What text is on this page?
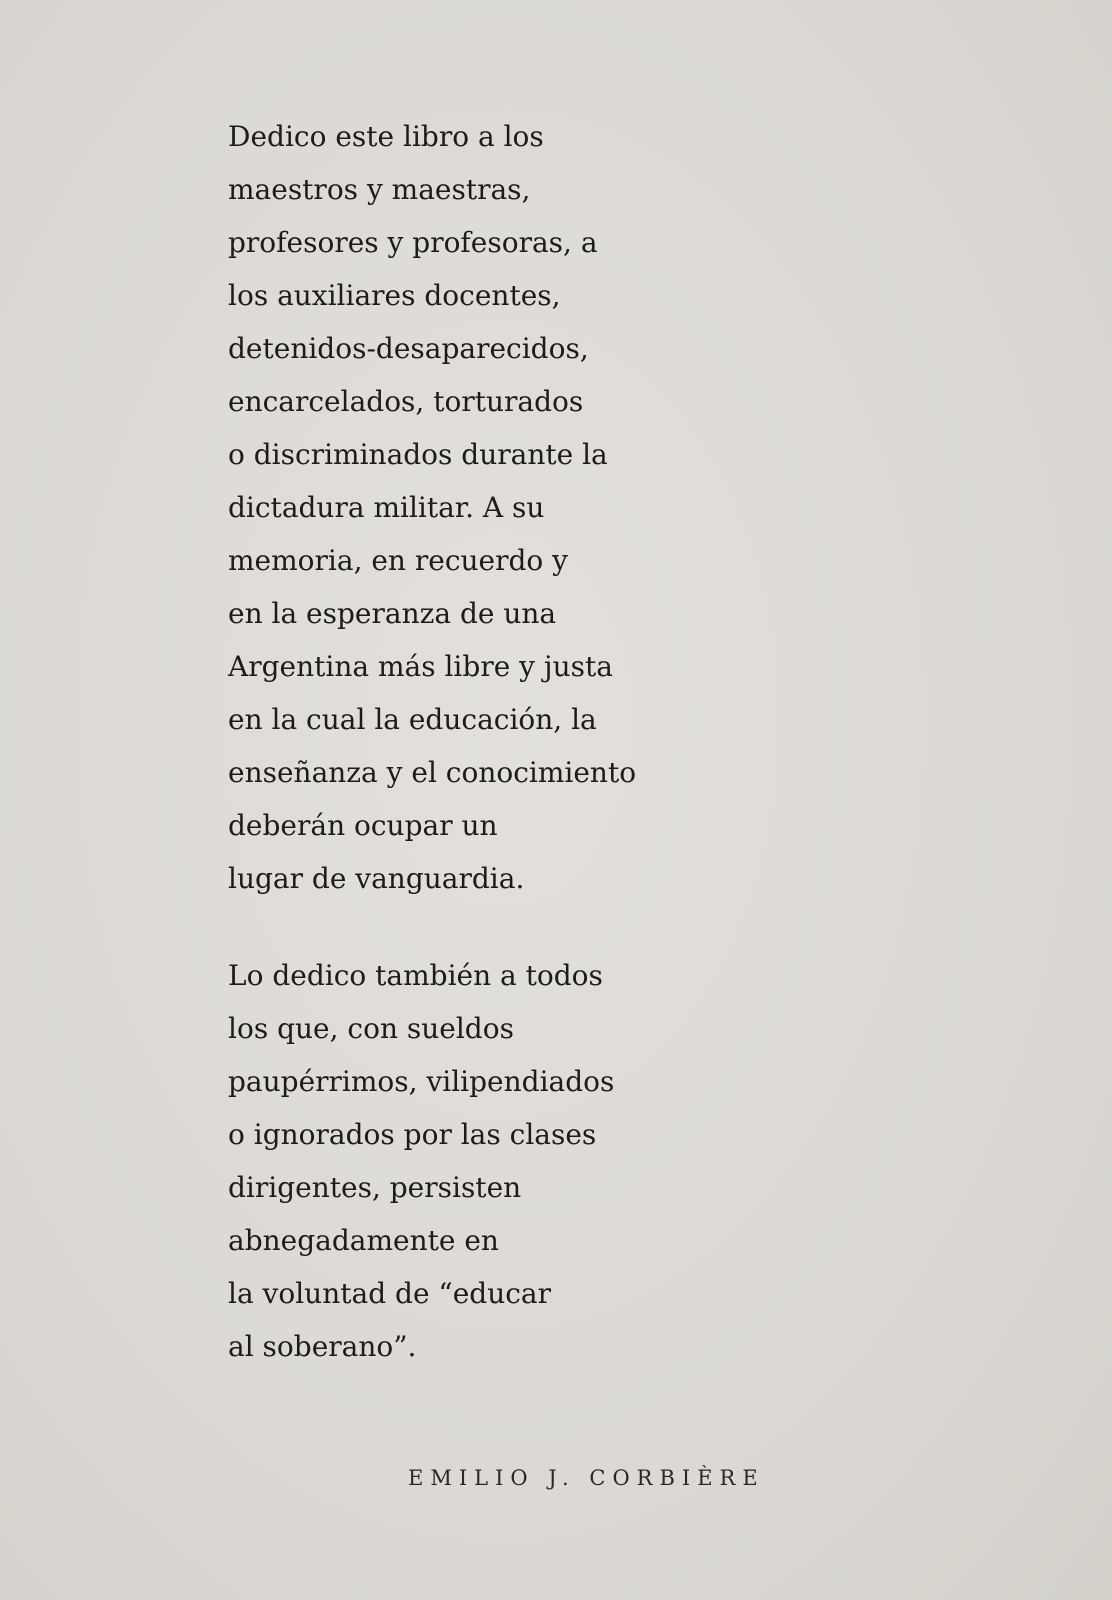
Dedico este libro a los
maestros y maestras,
profesores y profesoras, a
los auxiliares docentes,
detenidos-desaparecidos,
encarcelados, torturados
o discriminados durante la
dictadura militar. A su
memoria, en recuerdo y
en la esperanza de una
Argentina más libre y justa
en la cual la educación, la
enseñanza y el conocimiento
deberán ocupar un
lugar de vanguardia.

Lo dedico también a todos
los que, con sueldos
paupérrimos, vilipendiados
o ignorados por las clases
dirigentes, persisten
abnegadamente en
la voluntad de “educar
al soberano”.

EMILIO J. CORBIÈRE
